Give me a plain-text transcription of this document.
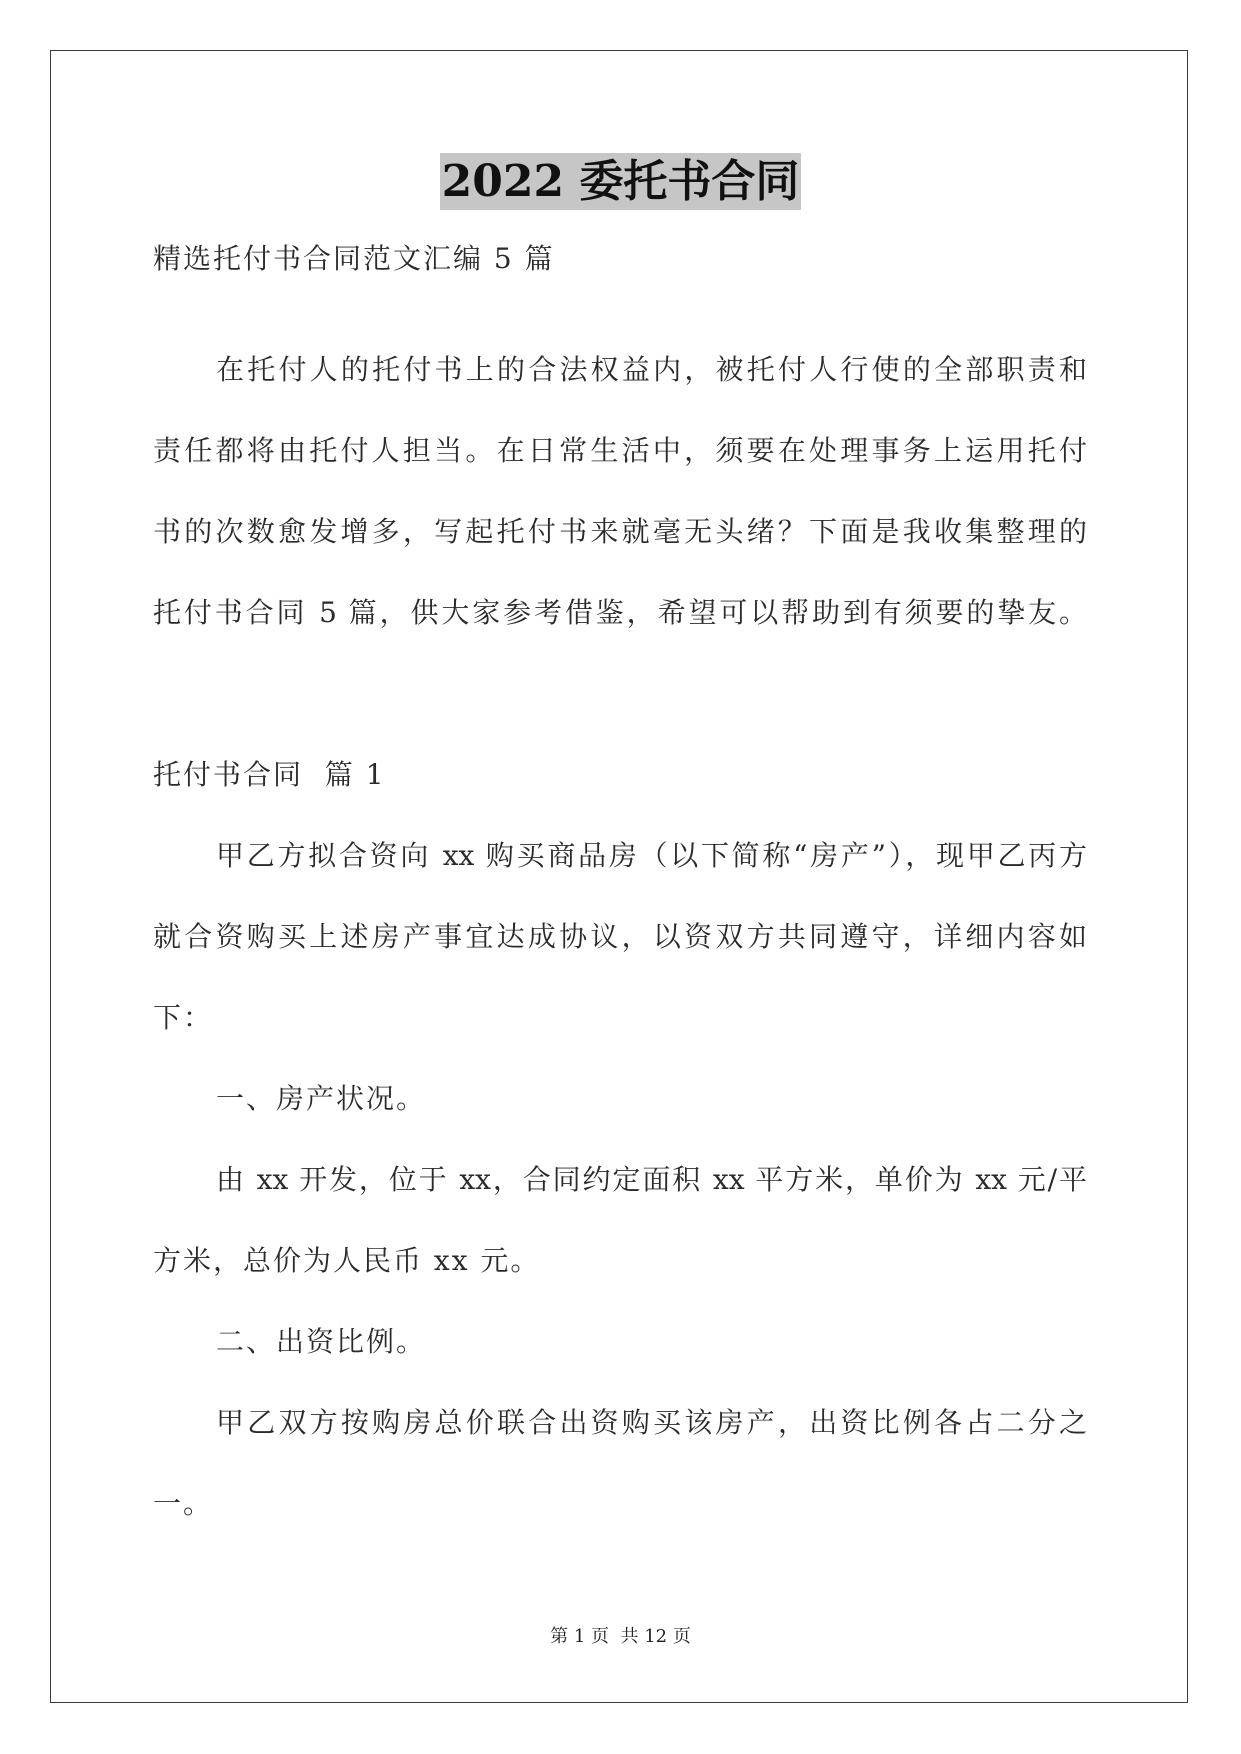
2022 委托书合同
精选托付书合同范文汇编 5 篇
在托付人的托付书上的合法权益内，被托付人行使的全部职责和
责任都将由托付人担当。在日常生活中，须要在处理事务上运用托付
书的次数愈发增多，写起托付书来就毫无头绪？下面是我收集整理的
托付书合同 5 篇，供大家参考借鉴，希望可以帮助到有须要的挚友。
托付书合同  篇 1
甲乙方拟合资向 xx 购买商品房（以下简称“房产”），现甲乙丙方
就合资购买上述房产事宜达成协议，以资双方共同遵守，详细内容如
下：
一、房产状况。
由 xx 开发，位于 xx，合同约定面积 xx 平方米，单价为 xx 元/平
方米，总价为人民币 xx 元。
二、出资比例。
甲乙双方按购房总价联合出资购买该房产，出资比例各占二分之
一。
第 1 页  共 12 页
